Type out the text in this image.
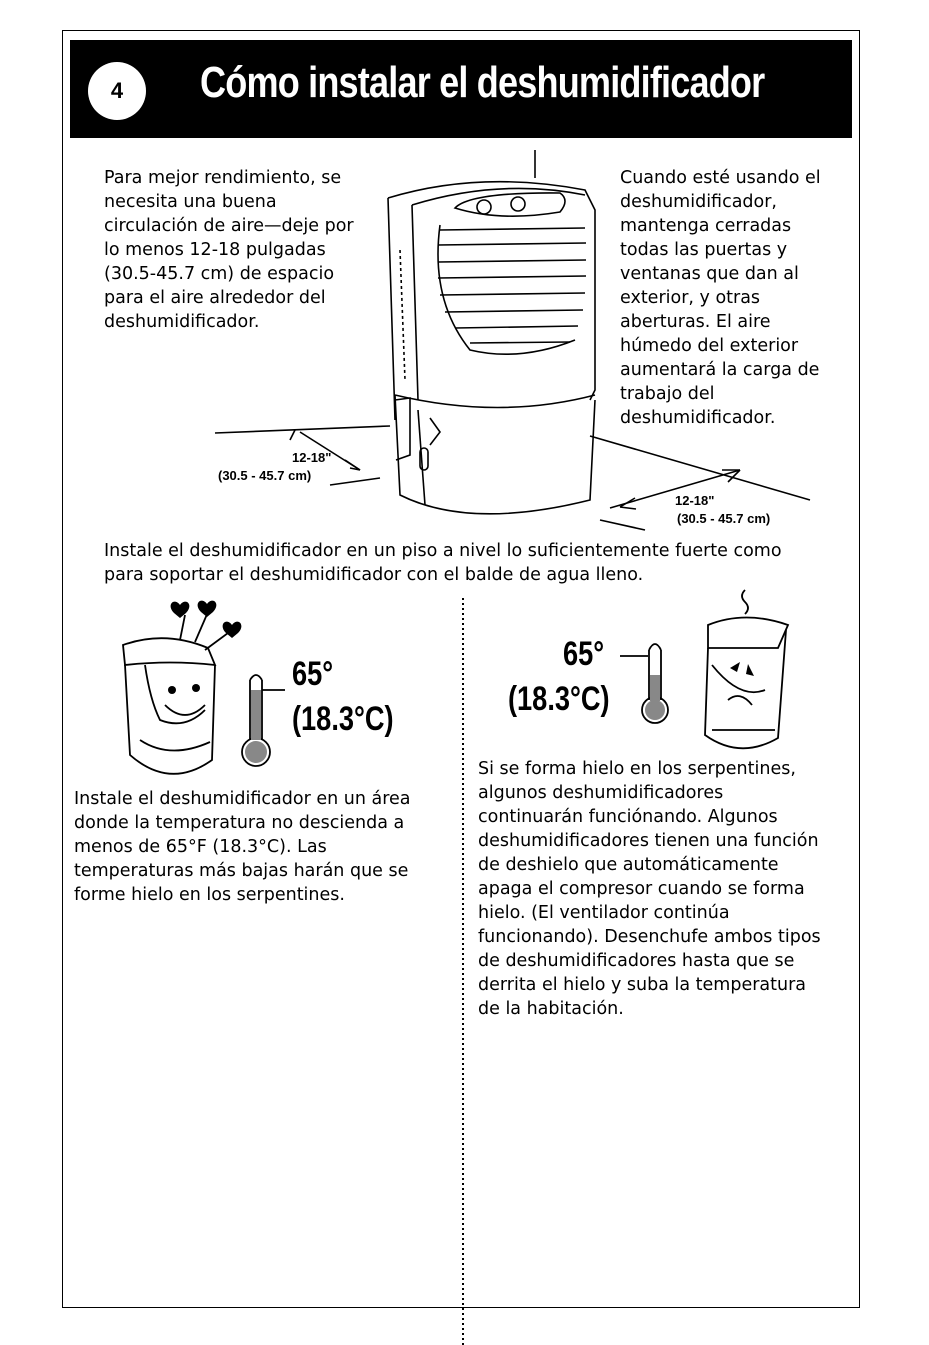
4	Cómo instalar el deshumidificador
Para mejor rendimiento, se
necesita una buena
circulación de aire—deje por
lo menos 12-18 pulgadas
(30.5-45.7 cm) de espacio
para el aire alrededor del
deshumidificador.
Cuando esté usando el
deshumidificador,
mantenga cerradas
todas las puertas y
ventanas que dan al
exterior, y otras
aberturas. El aire
húmedo del exterior
aumentará la carga de
trabajo del
deshumidificador.
12-18"
(30.5 - 45.7 cm)
12-18"
(30.5 - 45.7 cm)
Instale el deshumidificador en un piso a nivel lo suficientemente fuerte como
para soportar el deshumidificador con el balde de agua lleno.
65°
(18.3°C)
Instale el deshumidificador en un área
donde la temperatura no descienda a
menos de 65°F (18.3°C). Las
temperaturas más bajas harán que se
forme hielo en los serpentines.
65°
(18.3°C)
Si se forma hielo en los serpentines,
algunos deshumidificadores
continuarán funciónando. Algunos
deshumidificadores tienen una función
de deshielo que automáticamente
apaga el compresor cuando se forma
hielo. (El ventilador continúa
funcionando). Desenchufe ambos tipos
de deshumidificadores hasta que se
derrita el hielo y suba la temperatura
de la habitación.
